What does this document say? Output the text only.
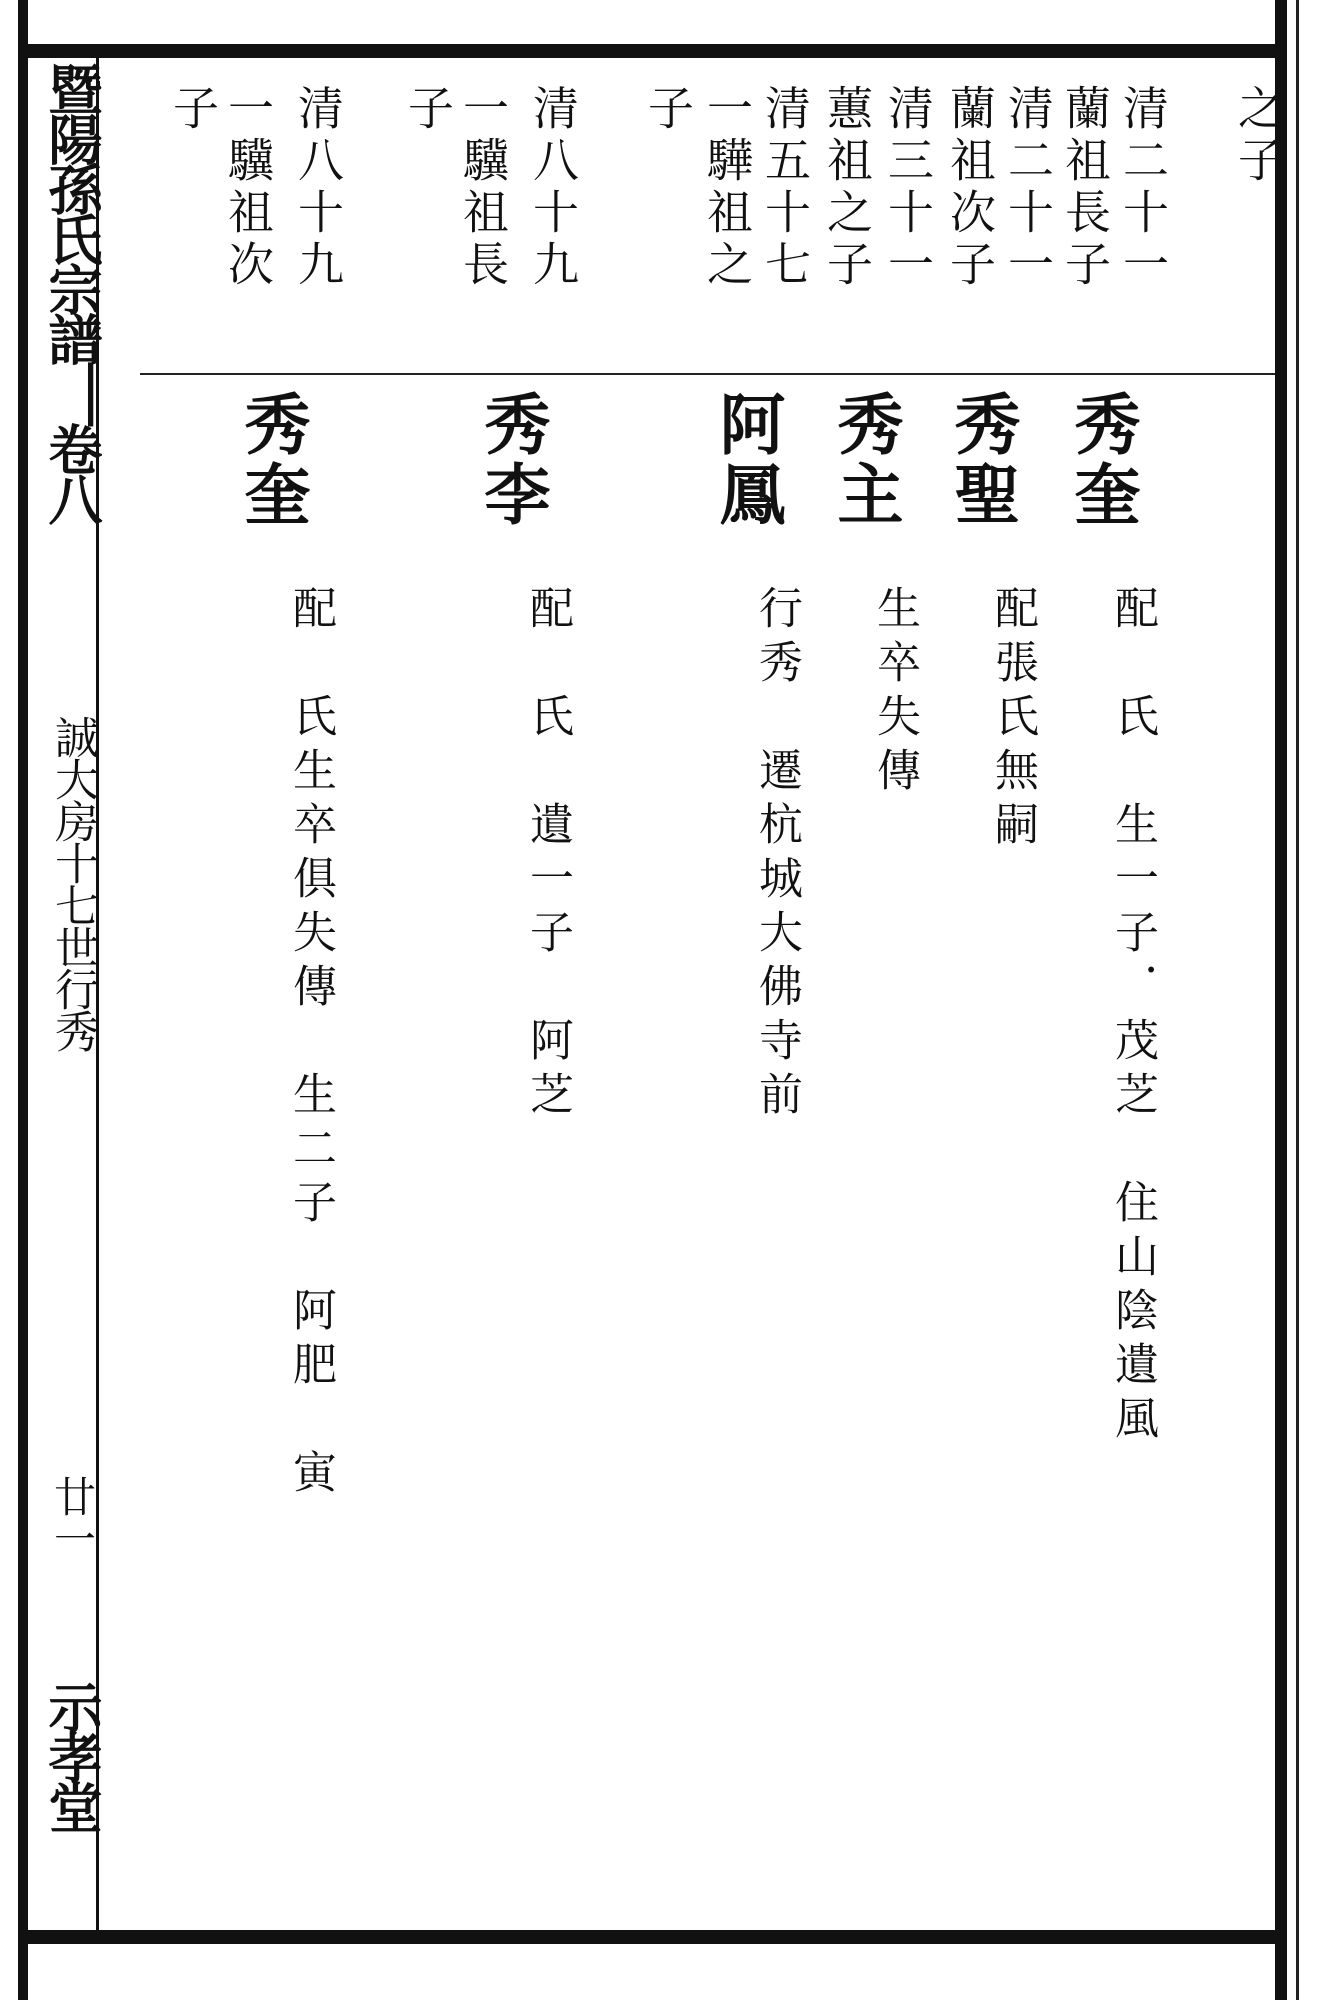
暨陽孫氏宗譜▕卷八
誠大房十七世行秀
廿一
示孝堂
之子
清二十一
蘭祖長子
清二十一
蘭祖次子
清三十一
蕙祖之子
清五十七
一驊祖之
子
清八十九
一驥祖長
子
清八十九
一驥祖次
子
秀奎
秀聖
秀主
阿鳳
秀李
秀奎
配　氏　生一子．茂芝　住山陰遺風
配張氏無嗣
生卒失傳
行秀　遷杭城大佛寺前
配　氏　遺一子　阿芝
配　氏生卒俱失傳　生二子　阿肥　寅
